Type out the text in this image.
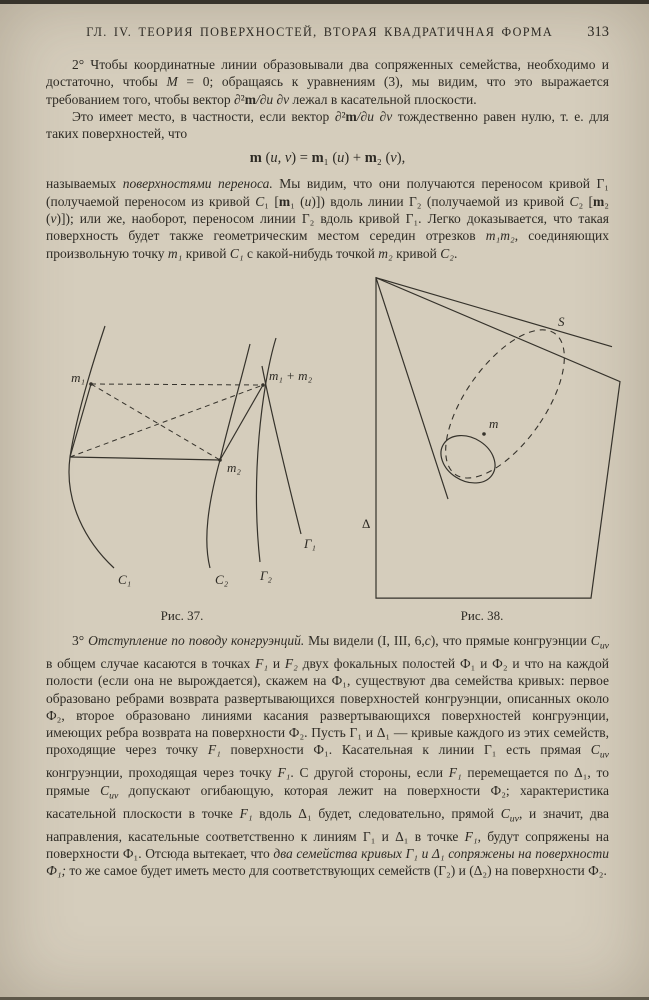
ГЛ. IV. ТЕОРИЯ ПОВЕРХНОСТЕЙ, ВТОРАЯ КВАДРАТИЧНАЯ ФОРМА	313

2° Чтобы координатные линии образовывали два сопряженных семейства, необходимо и достаточно, чтобы M = 0; обращаясь к уравнениям (3), мы видим, что это выражается требованием того, чтобы вектор ∂²m/∂u ∂v лежал в касательной плоскости.

Это имеет место, в частности, если вектор ∂²m/∂u ∂v тождественно равен нулю, т. е. для таких поверхностей, что

m (u, v) = m₁ (u) + m₂ (v),

называемых поверхностями переноса. Мы видим, что они получаются переносом кривой Г₁ (получаемой переносом из кривой C₁ [m₁ (u)]) вдоль линии Г₂ (получаемой из кривой C₂ [m₂ (v)]); или же, наоборот, переносом линии Г₂ вдоль кривой Г₁. Легко доказывается, что такая поверхность будет также геометрическим местом середин отрезков m₁m₂, соединяющих произвольную точку m₁ кривой C₁ с какой-нибудь точкой m₂ кривой C₂.

m₁	m₁ + m₂
m₂
C₁	C₂ Г₂
Г₁
S
m
Δ
Рис. 37.	Рис. 38.

3° Отступление по поводу конгруэнций. Мы видели (I, III, 6,c), что прямые конгруэнции $C_{uv}$ в общем случае касаются в точках F₁ и F₂ двух фокальных полостей Ф₁ и Ф₂ и что на каждой полости (если она не вырождается), скажем на Ф₁, существуют два семейства кривых: первое образовано ребрами возврата развертывающихся поверхностей конгруэнции, описанных около Ф₂, второе образовано линиями касания развертывающихся поверхностей конгруэнции, имеющих ребра возврата на поверхности Ф₂. Пусть Г₁ и Δ₁ — кривые каждого из этих семейств, проходящие через точку F₁ поверхности Ф₁. Касательная к линии Г₁ есть прямая $C_{uv}$ конгруэнции, проходящая через точку F₁. С другой стороны, если F₁ перемещается по Δ₁, то прямые $C_{uv}$ допускают огибающую, которая лежит на поверхности Ф₂; характеристика касательной плоскости в точке F₁ вдоль Δ₁ будет, следовательно, прямой $C_{uv}$, и значит, два направления, касательные соответственно к линиям Г₁ и Δ₁ в точке F₁, будут сопряжены на поверхности Ф₁. Отсюда вытекает, что два семейства кривых Г₁ и Δ₁ сопряжены на поверхности Ф₁; то же самое будет иметь место для соответствующих семейств (Г₂) и (Δ₂) на поверхности Ф₂.
